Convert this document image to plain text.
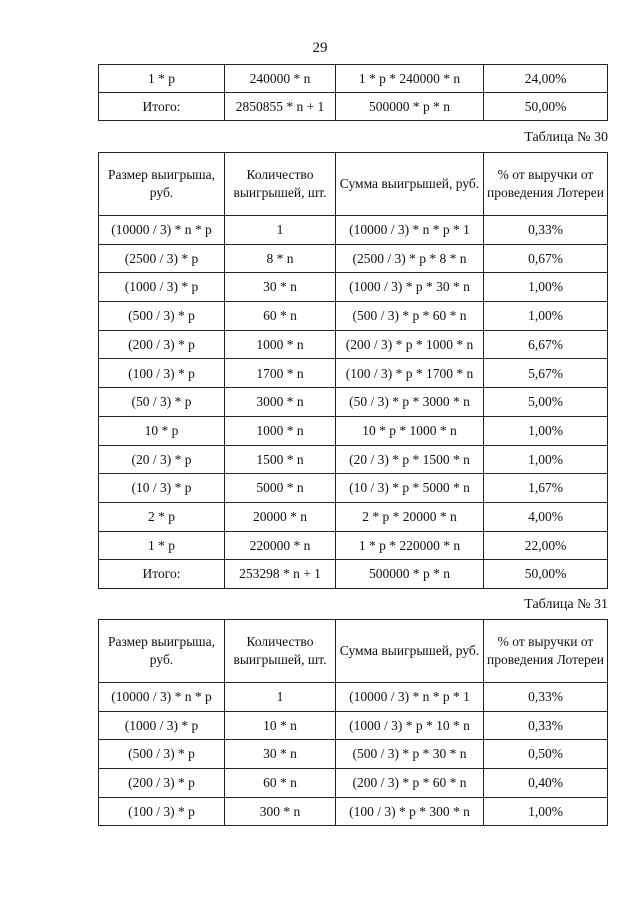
29
1 * p	240000 * n	1 * p * 240000 * n	24,00%
Итого:	2850855 * n + 1	500000 * p * n	50,00%
Таблица № 30
Размер выигрыша, руб.	Количество выигрышей, шт.	Сумма выигрышей, руб.	% от выручки от проведения Лотереи
(10000 / 3) * n * p	1	(10000 / 3) * n * p * 1	0,33%
(2500 / 3) * p	8 * n	(2500 / 3) * p * 8 * n	0,67%
(1000 / 3) * p	30 * n	(1000 / 3) * p * 30 * n	1,00%
(500 / 3) * p	60 * n	(500 / 3) * p * 60 * n	1,00%
(200 / 3) * p	1000 * n	(200 / 3) * p * 1000 * n	6,67%
(100 / 3) * p	1700 * n	(100 / 3) * p * 1700 * n	5,67%
(50 / 3) * p	3000 * n	(50 / 3) * p * 3000 * n	5,00%
10 * p	1000 * n	10 * p * 1000 * n	1,00%
(20 / 3) * p	1500 * n	(20 / 3) * p * 1500 * n	1,00%
(10 / 3) * p	5000 * n	(10 / 3) * p * 5000 * n	1,67%
2 * p	20000 * n	2 * p * 20000 * n	4,00%
1 * p	220000 * n	1 * p * 220000 * n	22,00%
Итого:	253298 * n + 1	500000 * p * n	50,00%
Таблица № 31
Размер выигрыша, руб.	Количество выигрышей, шт.	Сумма выигрышей, руб.	% от выручки от проведения Лотереи
(10000 / 3) * n * p	1	(10000 / 3) * n * p * 1	0,33%
(1000 / 3) * p	10 * n	(1000 / 3) * p * 10 * n	0,33%
(500 / 3) * p	30 * n	(500 / 3) * p * 30 * n	0,50%
(200 / 3) * p	60 * n	(200 / 3) * p * 60 * n	0,40%
(100 / 3) * p	300 * n	(100 / 3) * p * 300 * n	1,00%
